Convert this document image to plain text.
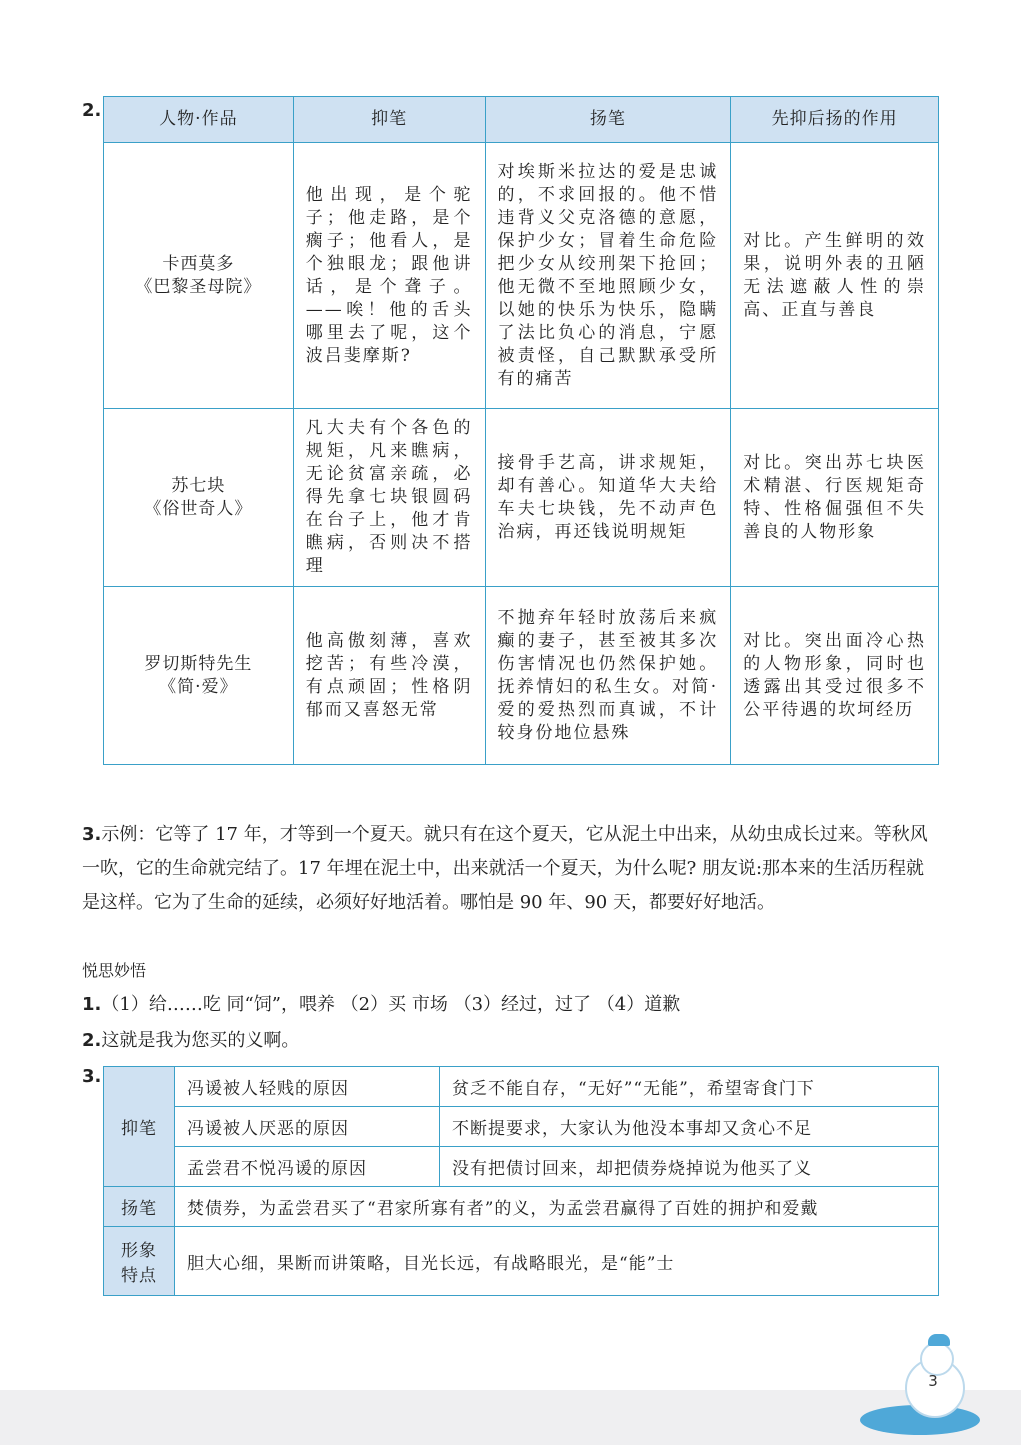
2.	人物·作品	抑笔	扬笔	先抑后扬的作用

卡西莫多
《巴黎圣母院》	他出现，是个驼子；他走路，是个瘸子；他看人，是个独眼龙；跟他讲话，是个聋子。——唉！他的舌头哪里去了呢，这个波吕斐摩斯?	对埃斯米拉达的爱是忠诚的，不求回报的。他不惜违背义父克洛德的意愿，保护少女；冒着生命危险把少女从绞刑架下抢回；他无微不至地照顾少女，以她的快乐为快乐，隐瞒了法比负心的消息，宁愿被责怪，自己默默承受所有的痛苦	对比。产生鲜明的效果，说明外表的丑陋无法遮蔽人性的崇高、正直与善良

苏七块
《俗世奇人》	凡大夫有个各色的规矩，凡来瞧病，无论贫富亲疏，必得先拿七块银圆码在台子上，他才肯瞧病，否则决不搭理	接骨手艺高，讲求规矩，却有善心。知道华大夫给车夫七块钱，先不动声色治病，再还钱说明规矩	对比。突出苏七块医术精湛、行医规矩奇特、性格倔强但不失善良的人物形象

罗切斯特先生
《简·爱》	他高傲刻薄，喜欢挖苦；有些冷漠，有点顽固；性格阴郁而又喜怒无常	不抛弃年轻时放荡后来疯癫的妻子，甚至被其多次伤害情况也仍然保护她。抚养情妇的私生女。对简·爱的爱热烈而真诚，不计较身份地位悬殊	对比。突出面冷心热的人物形象，同时也透露出其受过很多不公平待遇的坎坷经历
3.示例：它等了 17 年，才等到一个夏天。就只有在这个夏天，它从泥土中出来，从幼虫成长过来。等秋风一吹，它的生命就完结了。17 年埋在泥土中，出来就活一个夏天，为什么呢? 朋友说:那本来的生活历程就是这样。它为了生命的延续，必须好好地活着。哪怕是 90 年、90 天，都要好好地活。
悦思妙悟
1.（1）给……吃 同“饲”，喂养 （2）买 市场 （3）经过，过了 （4）道歉
2.这就是我为您买的义啊。
3.
抑笔	冯谖被人轻贱的原因	贫乏不能自存，“无好”“无能”，希望寄食门下
	冯谖被人厌恶的原因	不断提要求，大家认为他没本事却又贪心不足
	孟尝君不悦冯谖的原因	没有把债讨回来，却把债券烧掉说为他买了义
扬笔	焚债券，为孟尝君买了“君家所寡有者”的义，为孟尝君赢得了百姓的拥护和爱戴	
形象特点	胆大心细，果断而讲策略，目光长远，有战略眼光，是“能”士	
3
